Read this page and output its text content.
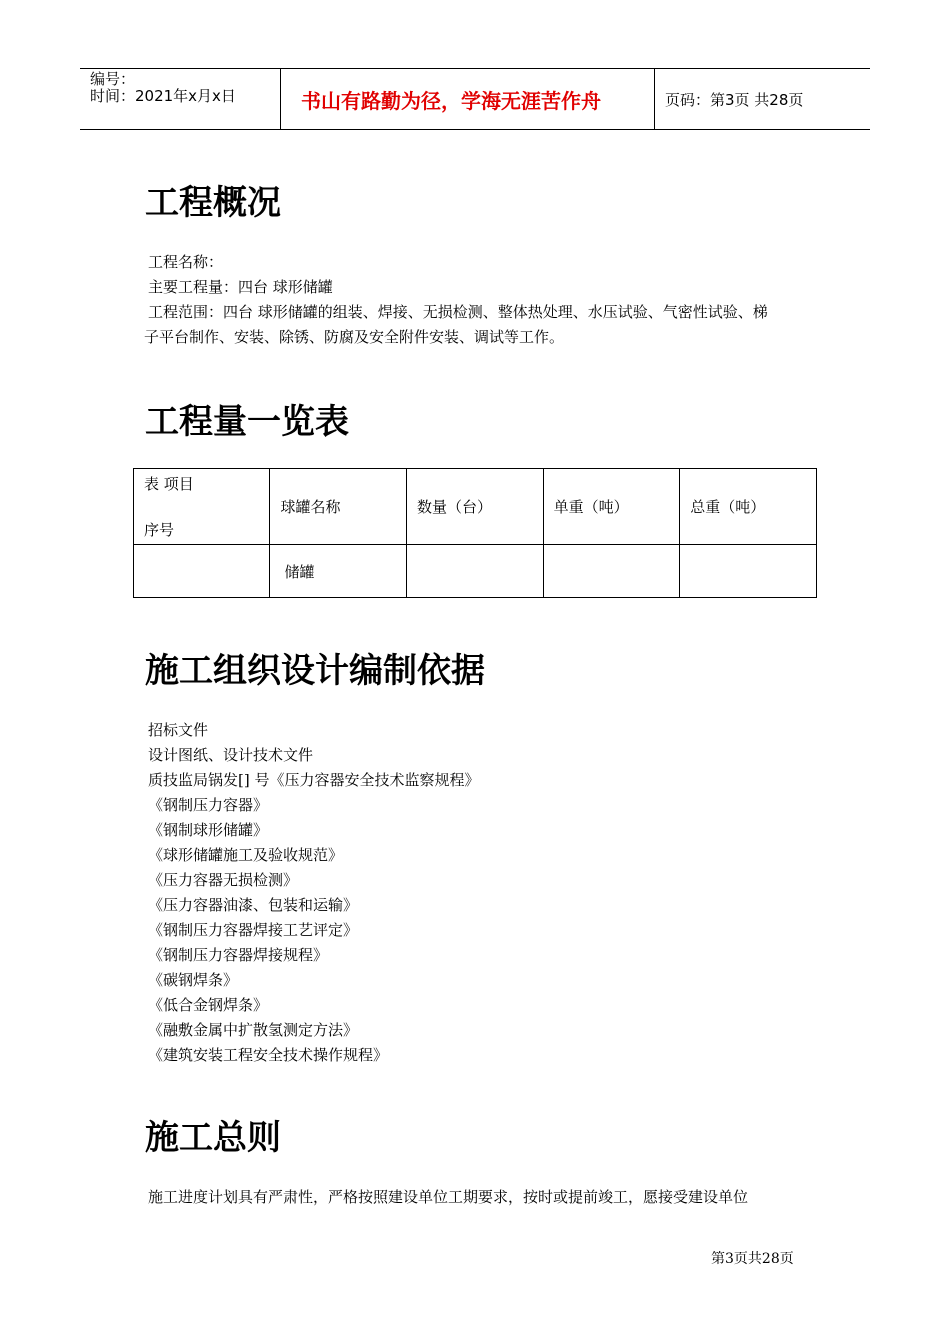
编号：
时间：2021年x月x日	书山有路勤为径，学海无涯苦作舟	页码：第3页 共28页
工程概况
工程名称：
主要工程量：四台 球形储罐
工程范围：四台 球形储罐的组装、焊接、无损检测、整体热处理、水压试验、气密性试验、梯
子平台制作、安装、除锈、防腐及安全附件安装、调试等工作。
工程量一览表
表 项目
序号	球罐名称	数量（台）	单重（吨）	总重（吨）
	储罐			
施工组织设计编制依据
招标文件
设计图纸、设计技术文件
质技监局锅发[] 号《压力容器安全技术监察规程》
《钢制压力容器》
《钢制球形储罐》
《球形储罐施工及验收规范》
《压力容器无损检测》
《压力容器油漆、包装和运输》
《钢制压力容器焊接工艺评定》
《钢制压力容器焊接规程》
《碳钢焊条》
《低合金钢焊条》
《融敷金属中扩散氢测定方法》
《建筑安装工程安全技术操作规程》
施工总则
施工进度计划具有严肃性，严格按照建设单位工期要求，按时或提前竣工，愿接受建设单位
第3页共28页
